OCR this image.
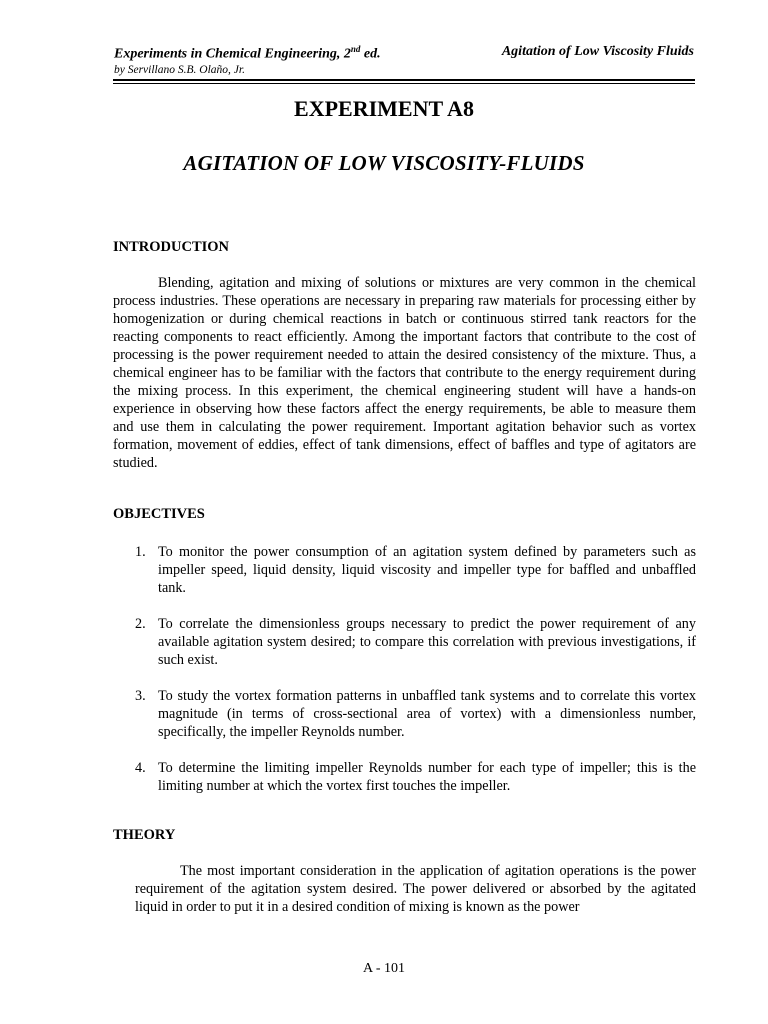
Experiments in Chemical Engineering, 2nd ed.	Agitation of Low Viscosity Fluids

by Servillano S.B. Olaño, Jr.

EXPERIMENT A8
AGITATION OF LOW VISCOSITY-FLUIDS
INTRODUCTION

Blending, agitation and mixing of solutions or mixtures are very common in the chemical process industries. These operations are necessary in preparing raw materials for processing either by homogenization or during chemical reactions in batch or continuous stirred tank reactors for the reacting components to react efficiently. Among the important factors that contribute to the cost of processing is the power requirement needed to attain the desired consistency of the mixture. Thus, a chemical engineer has to be familiar with the factors that contribute to the energy requirement during the mixing process. In this experiment, the chemical engineering student will have a hands-on experience in observing how these factors affect the energy requirements, be able to measure them and use them in calculating the power requirement. Important agitation behavior such as vortex formation, movement of eddies, effect of tank dimensions, effect of baffles and type of agitators are studied.

OBJECTIVES
1. To monitor the power consumption of an agitation system defined by parameters such as impeller speed, liquid density, liquid viscosity and impeller type for baffled and unbaffled tank.
2. To correlate the dimensionless groups necessary to predict the power requirement of any available agitation system desired; to compare this correlation with previous investigations, if such exist.
3. To study the vortex formation patterns in unbaffled tank systems and to correlate this vortex magnitude (in terms of cross-sectional area of vortex) with a dimensionless number, specifically, the impeller Reynolds number.
4. To determine the limiting impeller Reynolds number for each type of impeller; this is the limiting number at which the vortex first touches the impeller.
THEORY

The most important consideration in the application of agitation operations is the power requirement of the agitation system desired. The power delivered or absorbed by the agitated liquid in order to put it in a desired condition of mixing is known as the power

A - 101
